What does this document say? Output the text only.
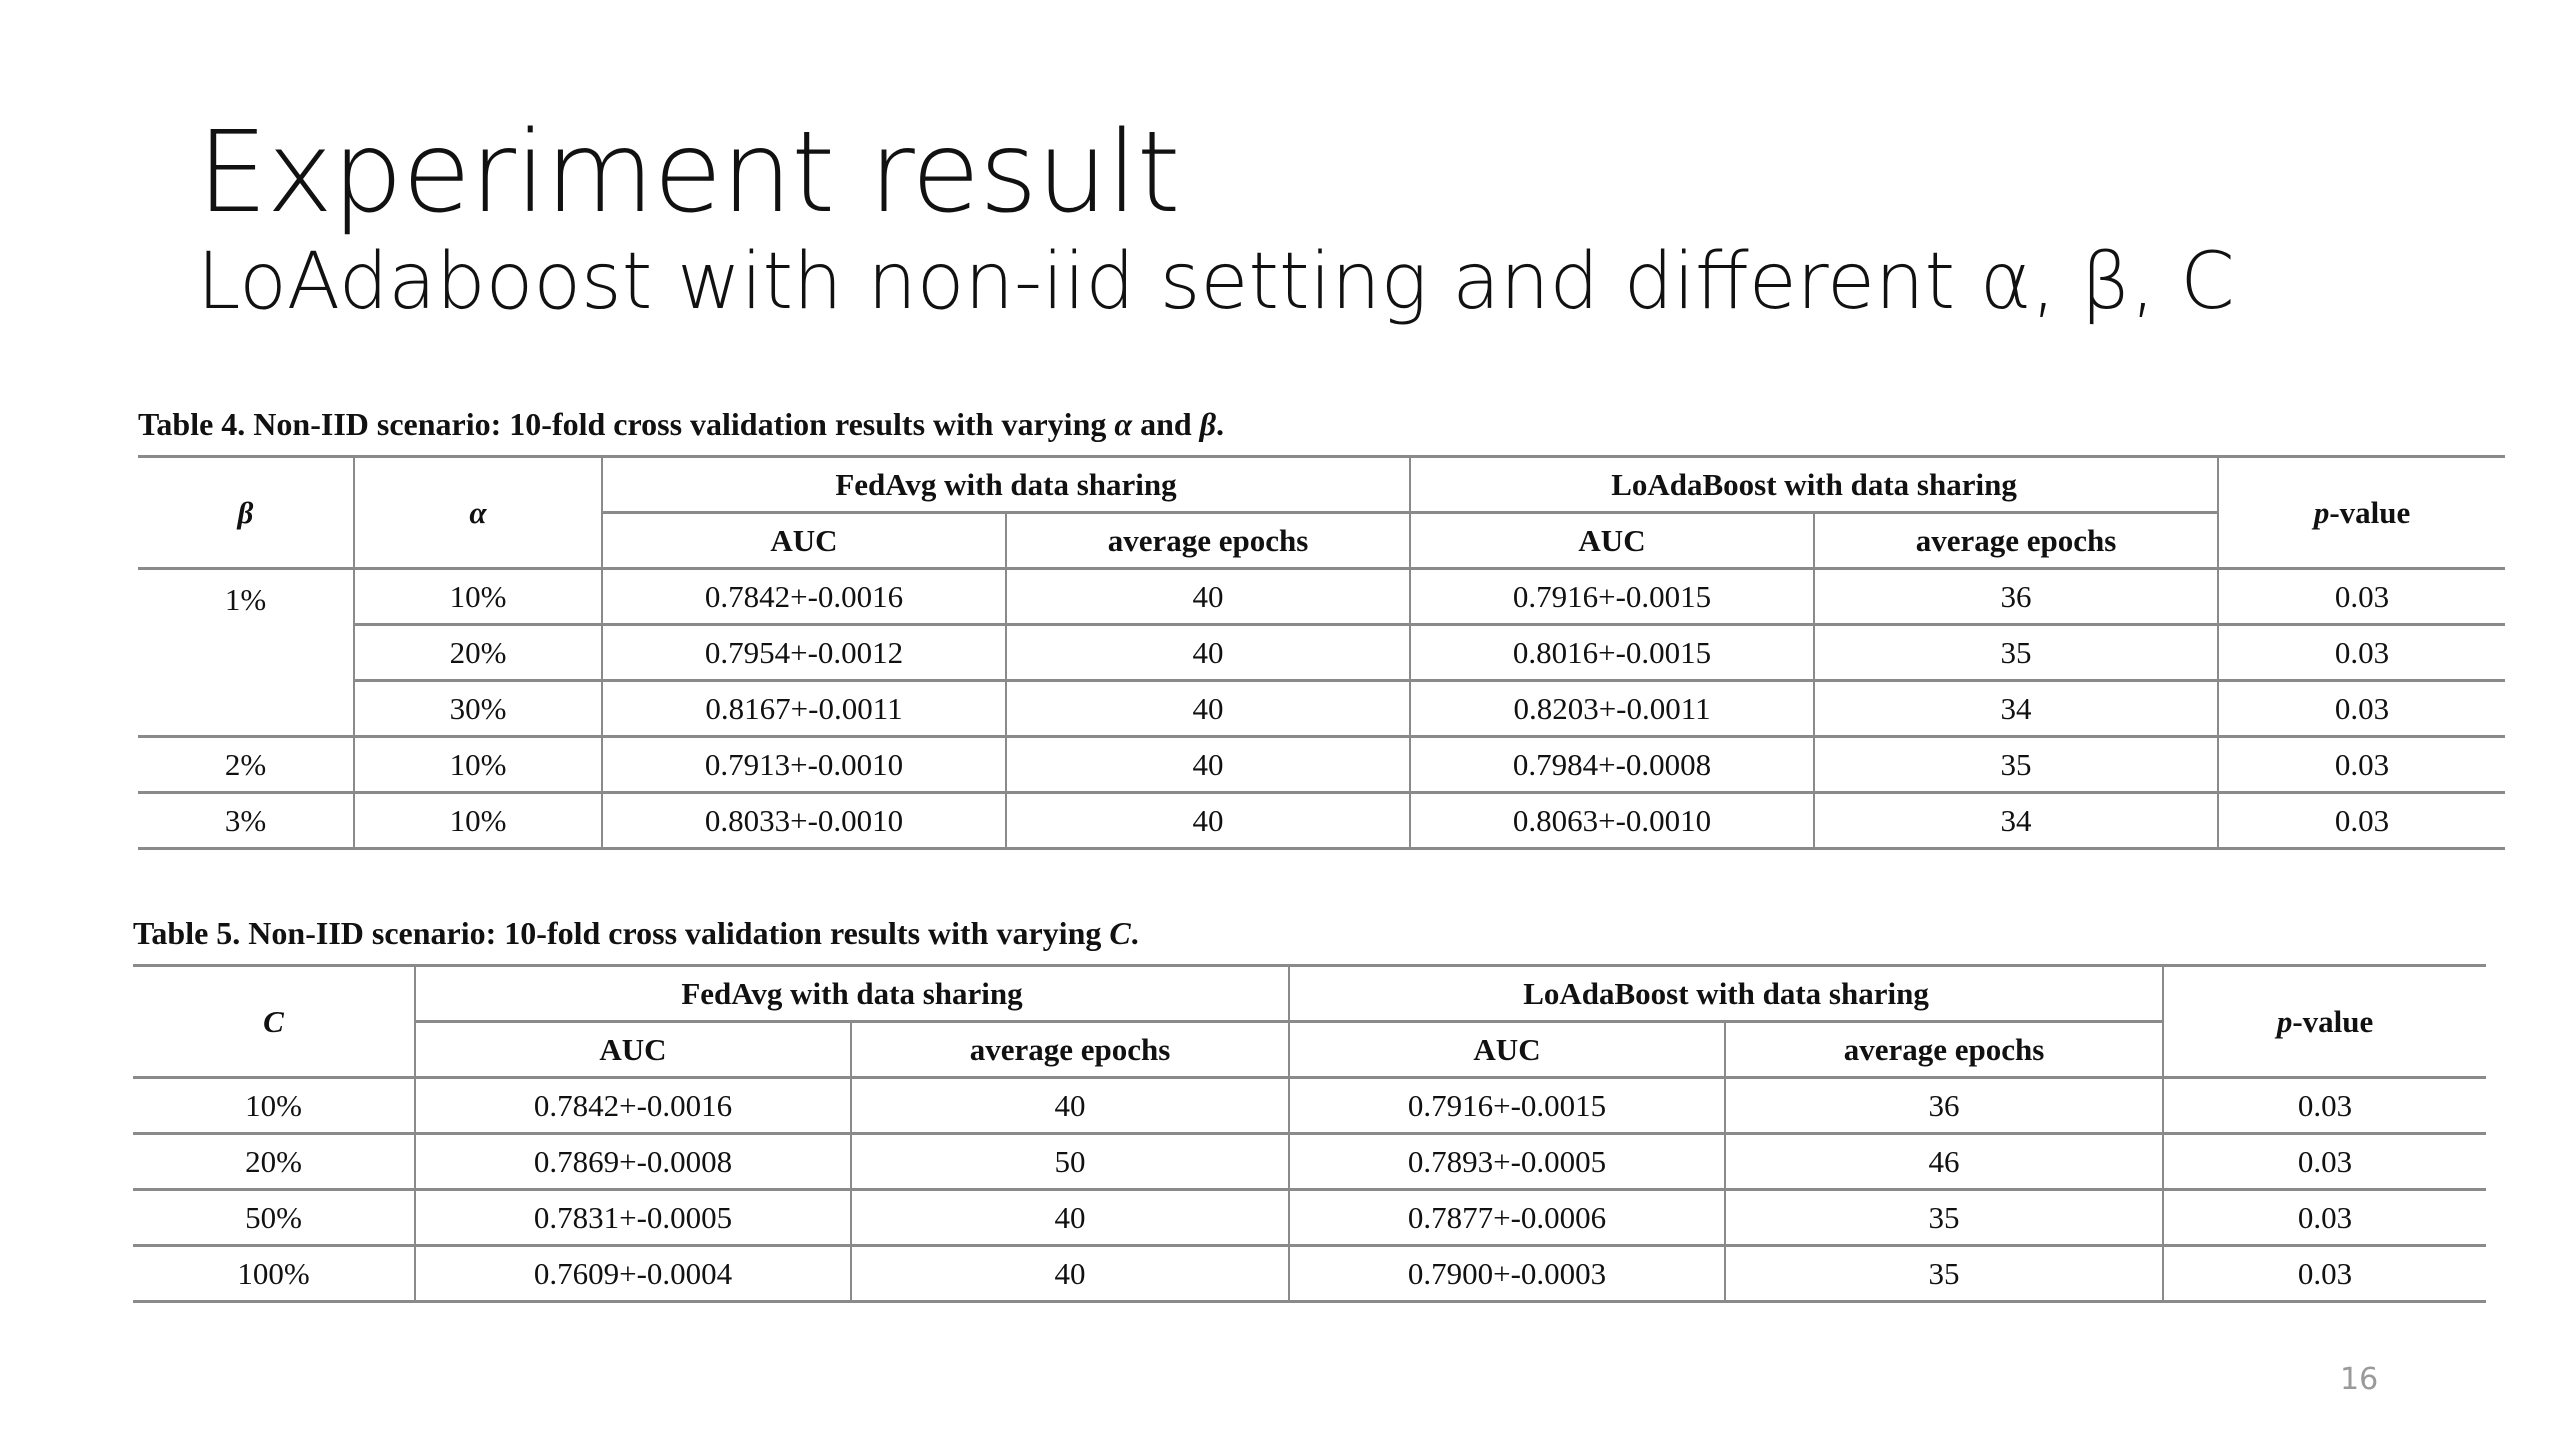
Experiment result
LoAdaboost with non-iid setting and different α, β, C
Table 4. Non-IID scenario: 10-fold cross validation results with varying α and β.
β	α	FedAvg with data sharing		LoAdaBoost with data sharing		p-value
		AUC	average epochs	AUC	average epochs	
1%	10%	0.7842+-0.0016	40	0.7916+-0.0015	36	0.03
	20%	0.7954+-0.0012	40	0.8016+-0.0015	35	0.03
	30%	0.8167+-0.0011	40	0.8203+-0.0011	34	0.03
2%	10%	0.7913+-0.0010	40	0.7984+-0.0008	35	0.03
3%	10%	0.8033+-0.0010	40	0.8063+-0.0010	34	0.03
Table 5. Non-IID scenario: 10-fold cross validation results with varying C.
C	FedAvg with data sharing		LoAdaBoost with data sharing		p-value
	AUC	average epochs	AUC	average epochs	
10%	0.7842+-0.0016	40	0.7916+-0.0015	36	0.03
20%	0.7869+-0.0008	50	0.7893+-0.0005	46	0.03
50%	0.7831+-0.0005	40	0.7877+-0.0006	35	0.03
100%	0.7609+-0.0004	40	0.7900+-0.0003	35	0.03
16
